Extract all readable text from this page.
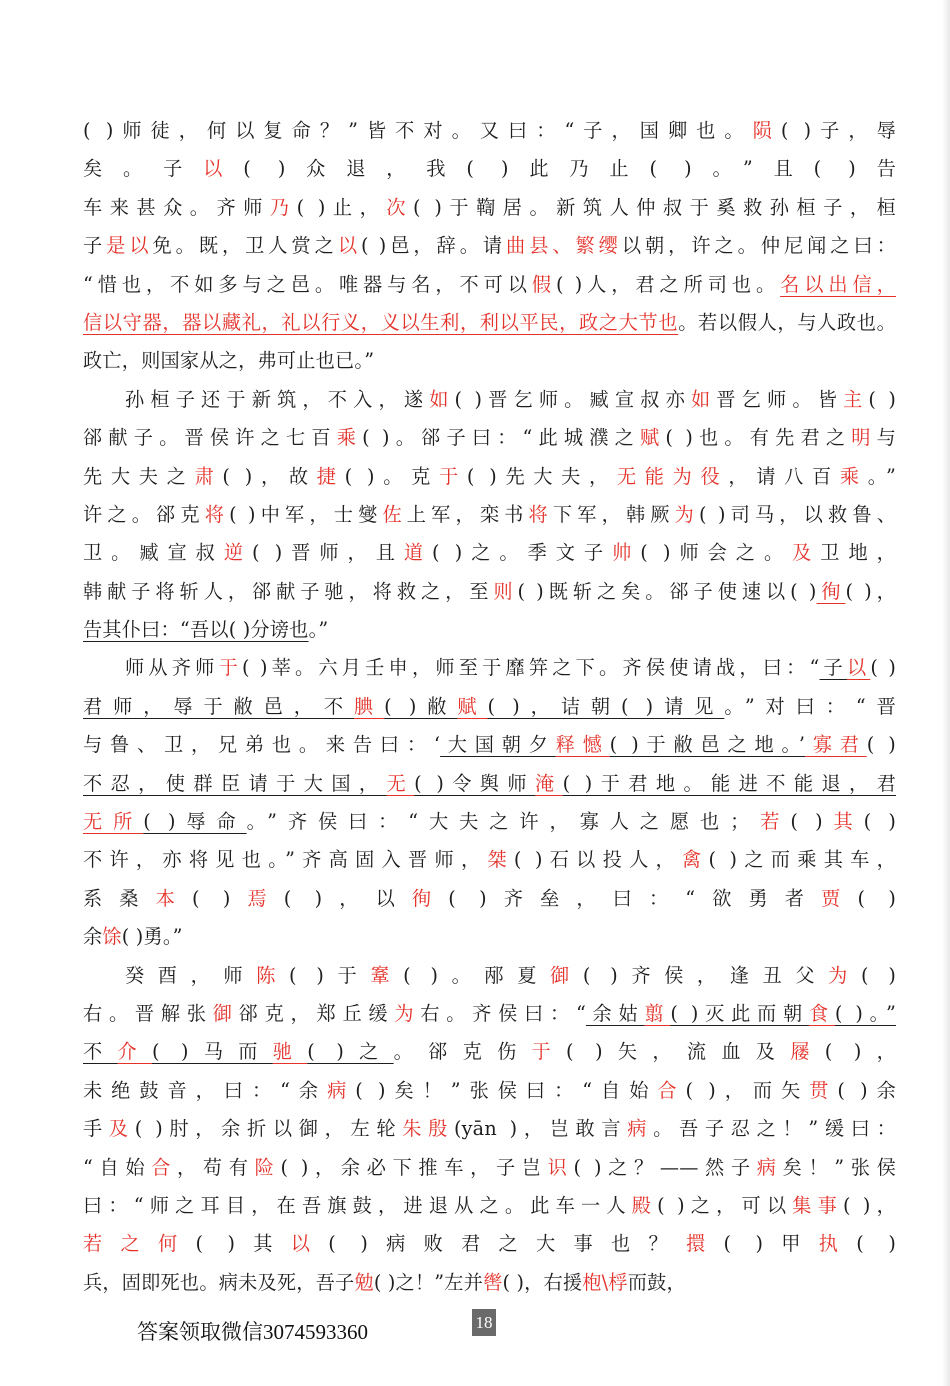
( )师徒，何以复命？”皆不对。又曰：“子，国卿也。陨( )子，辱
矣。子以( )众退，我( )此乃止( )。”且( )告
车来甚众。齐师乃( )止，次( )于鞫居。新筑人仲叔于奚救孙桓子，桓
子是以免。既，卫人赏之以( )邑，辞。请曲县、繁缨以朝，许之。仲尼闻之曰：
“惜也，不如多与之邑。唯器与名，不可以假( )人，君之所司也。名以出信，
信以守器，器以藏礼，礼以行义，义以生利，利以平民，政之大节也。若以假人，与人政也。
政亡，则国家从之，弗可止也已。”
孙桓子还于新筑，不入，遂如( )晋乞师。臧宣叔亦如晋乞师。皆主( )
郤献子。晋侯许之七百乘( )。郤子曰：“此城濮之赋( )也。有先君之明与
先大夫之肃( )，故捷( )。克于( )先大夫，无能为役，请八百乘。”
许之。郤克将( )中军，士燮佐上军，栾书将下军，韩厥为( )司马，以救鲁、
卫。臧宣叔逆( )晋师，且道( )之。季文子帅( )师会之。及卫地，
韩献子将斩人，郤献子驰，将救之，至则( )既斩之矣。郤子使速以( )徇( )，
告其仆曰：“吾以( )分谤也。”
师从齐师于( )莘。六月壬申，师至于靡笄之下。齐侯使请战，曰：“子以( )
君师，辱于敝邑，不腆( )敝赋( )，诘朝( )请见。”对曰：“晋
与鲁、卫，兄弟也。来告曰：‘大国朝夕释憾( )于敝邑之地。’寡君( )
不忍，使群臣请于大国，无( )令舆师淹( )于君地。能进不能退，君
无所( )辱命。”齐侯曰：“大夫之许，寡人之愿也；若( )其( )
不许，亦将见也。”齐高固入晋师，桀( )石以投人，禽( )之而乘其车，
系桑本( )焉( )，以徇( )齐垒，曰：“欲勇者贾( )
余馀( )勇。”
癸酉，师陈( )于鞌( )。邴夏御( )齐侯，逢丑父为( )
右。晋解张御郤克，郑丘缓为右。齐侯曰：“余姑翦( )灭此而朝食( )。”
不介( )马而驰( )之。郤克伤于( )矢，流血及屦( )，
未绝鼓音，曰：“余病( )矣！”张侯曰：“自始合( )，而矢贯( )余
手及( )肘，余折以御，左轮朱殷(yān )，岂敢言病。吾子忍之！”缓曰：
“自始合，苟有险( )，余必下推车，子岂识( )之？——然子病矣！”张侯
曰：“师之耳目，在吾旗鼓，进退从之。此车一人殿( )之，可以集事( )，
若之何( )其以( )病败君之大事也？擐( )甲执( )
兵，固即死也。病未及死，吾子勉( )之！”左并辔( )，右援枹\桴而鼓，
答案领取微信3074593360	18
